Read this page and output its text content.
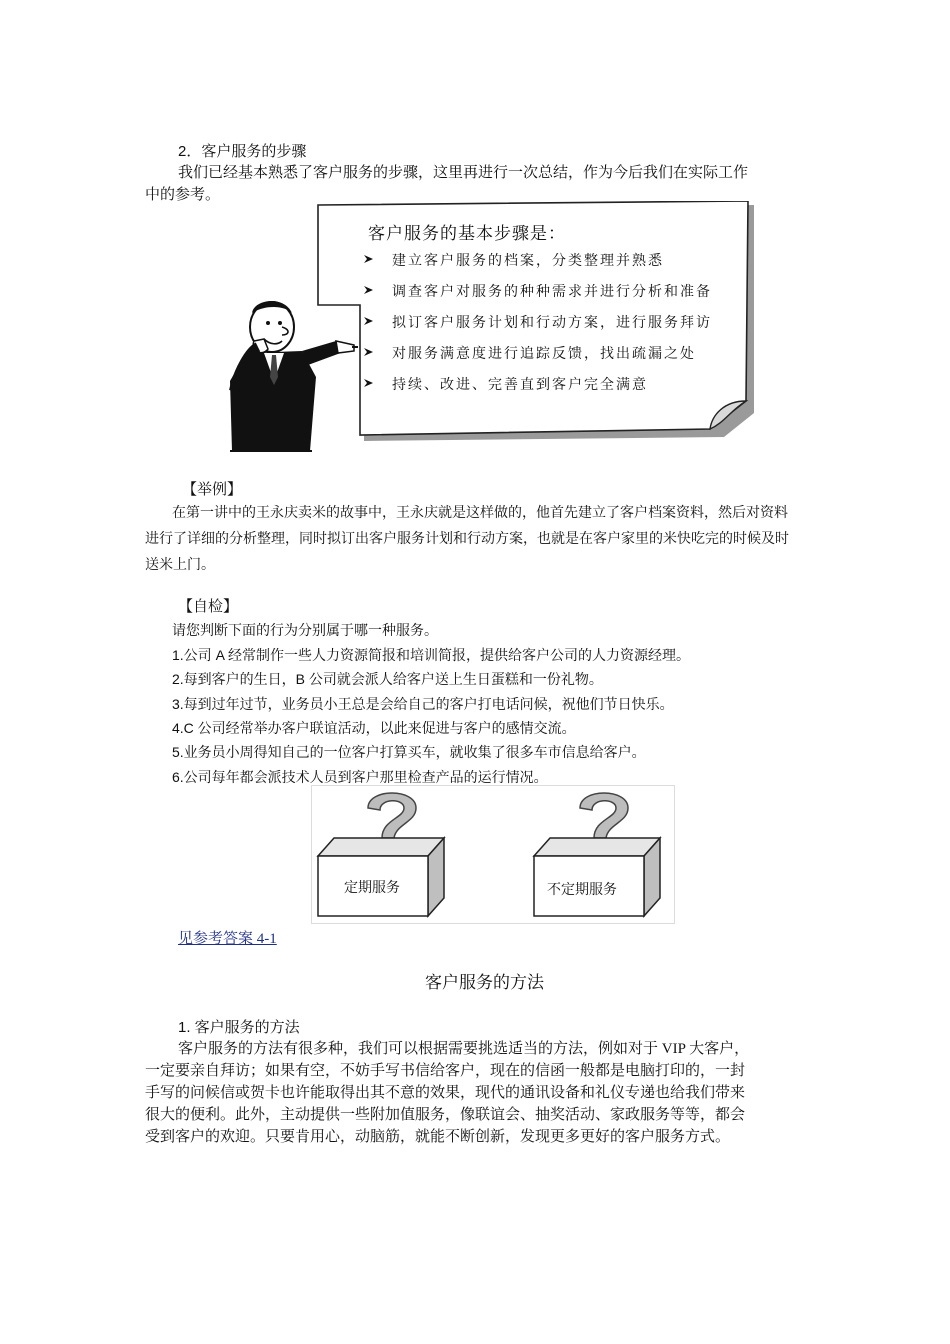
2．客户服务的步骤
我们已经基本熟悉了客户服务的步骤，这里再进行一次总结，作为今后我们在实际工作
中的参考。
客户服务的基本步骤是：
建立客户服务的档案，分类整理并熟悉
调查客户对服务的种种需求并进行分析和准备
拟订客户服务计划和行动方案，进行服务拜访
对服务满意度进行追踪反馈，找出疏漏之处
持续、改进、完善直到客户完全满意
【举例】
在第一讲中的王永庆卖米的故事中，王永庆就是这样做的，他首先建立了客户档案资料，然后对资料
进行了详细的分析整理，同时拟订出客户服务计划和行动方案，也就是在客户家里的米快吃完的时候及时
送米上门。
【自检】
请您判断下面的行为分别属于哪一种服务。
1.公司 A 经常制作一些人力资源简报和培训简报，提供给客户公司的人力资源经理。
2.每到客户的生日，B 公司就会派人给客户送上生日蛋糕和一份礼物。
3.每到过年过节，业务员小王总是会给自己的客户打电话问候，祝他们节日快乐。
4.C 公司经常举办客户联谊活动，以此来促进与客户的感情交流。
5.业务员小周得知自己的一位客户打算买车，就收集了很多车市信息给客户。
6.公司每年都会派技术人员到客户那里检查产品的运行情况。
定期服务	不定期服务
见参考答案 4-1
客户服务的方法
1. 客户服务的方法
客户服务的方法有很多种，我们可以根据需要挑选适当的方法，例如对于 VIP 大客户，
一定要亲自拜访；如果有空，不妨手写书信给客户，现在的信函一般都是电脑打印的，一封
手写的问候信或贺卡也许能取得出其不意的效果，现代的通讯设备和礼仪专递也给我们带来
很大的便利。此外，主动提供一些附加值服务，像联谊会、抽奖活动、家政服务等等，都会
受到客户的欢迎。只要肯用心，动脑筋，就能不断创新，发现更多更好的客户服务方式。
